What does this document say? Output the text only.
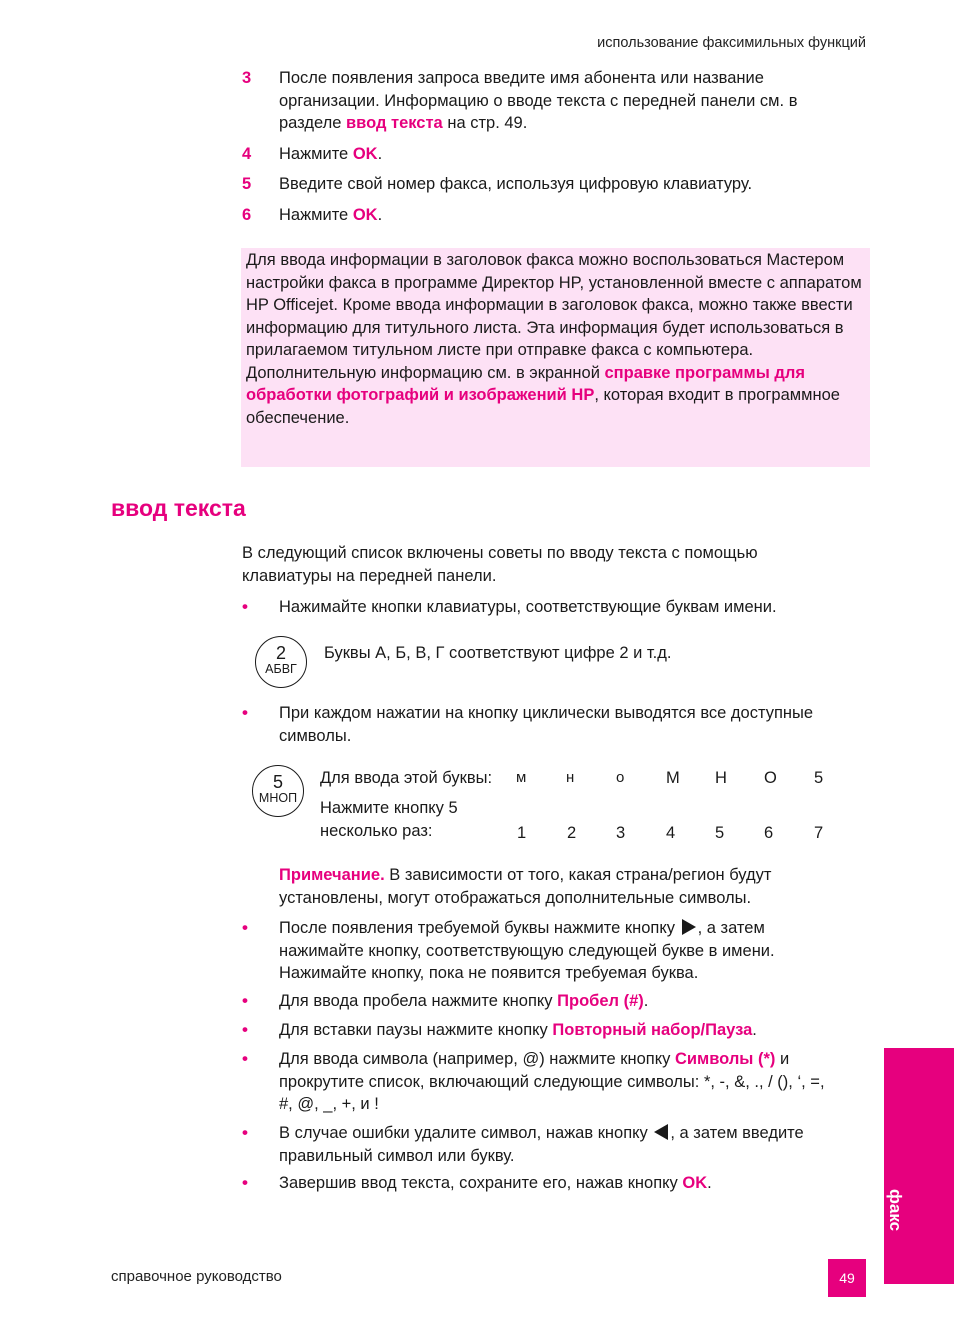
использование факсимильных функций
3	После появления запроса введите имя абонента или название организации. Информацию о вводе текста с передней панели см. в разделе ввод текста на стр. 49.
4	Нажмите OK.
5	Введите свой номер факса, используя цифровую клавиатуру.
6	Нажмите OK.

Для ввода информации в заголовок факса можно воспользоваться Мастером настройки факса в программе Директор HP, установленной вместе с аппаратом HP Officejet. Кроме ввода информации в заголовок факса, можно также ввести информацию для титульного листа. Эта информация будет использоваться в прилагаемом титульном листе при отправке факса с компьютера.

Дополнительную информацию см. в экранной справке программы для обработки фотографий и изображений HP, которая входит в программное обеспечение.

ввод текста
В следующий список включены советы по вводу текста с помощью клавиатуры на передней панели.
•	Нажимайте кнопки клавиатуры, соответствующие буквам имени.
2
АБВГ
Буквы А, Б, В, Г соответствуют цифре 2 и т.д.
•	При каждом нажатии на кнопку циклически выводятся все доступные символы.
5
МНОП
Для ввода этой буквы:
Нажмите кнопку 5
несколько раз:
м	н	о	М Н О 5
1 2 3 4 5 6 7
Примечание. В зависимости от того, какая страна/регион будут установлены, могут отображаться дополнительные символы.
•	После появления требуемой буквы нажмите кнопку , а затем нажимайте кнопку, соответствующую следующей букве в имени. Нажимайте кнопку, пока не появится требуемая буква.
•	Для ввода пробела нажмите кнопку Пробел (#).
•	Для вставки паузы нажмите кнопку Повторный набор/Пауза.
•	Для ввода символа (например, @) нажмите кнопку Символы (*) и прокрутите список, включающий следующие символы: *, -, &, ., / (), ‘, =, #, @, _, +, и !
•	В случае ошибки удалите символ, нажав кнопку , а затем введите правильный символ или букву.
•	Завершив ввод текста, сохраните его, нажав кнопку OK.
факс
справочное руководство	49
